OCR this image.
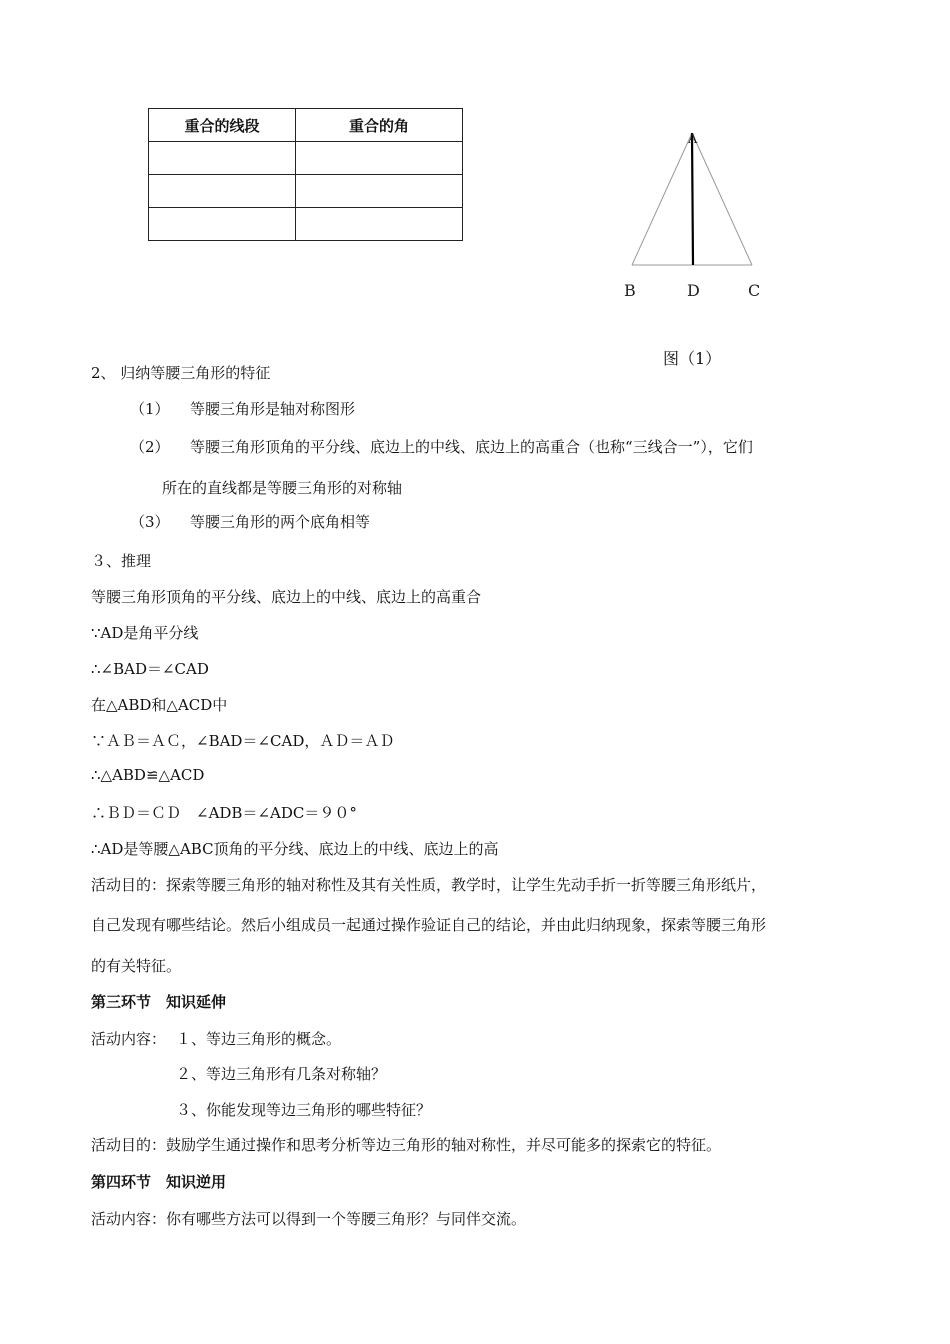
重合的线段	重合的角

A
B	D	C
图（1）
2、 归纳等腰三角形的特征
（1） 等腰三角形是轴对称图形
（2） 等腰三角形顶角的平分线、底边上的中线、底边上的高重合（也称“三线合一”），它们
所在的直线都是等腰三角形的对称轴
（3） 等腰三角形的两个底角相等
３、推理
等腰三角形顶角的平分线、底边上的中线、底边上的高重合
∵AD是角平分线
∴∠BAD＝∠CAD
在△ABD和△ACD中
∵ＡＢ＝ＡＣ，∠BAD＝∠CAD，ＡＤ＝ＡＤ
∴△ABD≌△ACD
∴ＢＤ＝ＣＤ　∠ADB＝∠ADC＝９０°
∴AD是等腰△ABC顶角的平分线、底边上的中线、底边上的高
活动目的：探索等腰三角形的轴对称性及其有关性质，教学时，让学生先动手折一折等腰三角形纸片，
自己发现有哪些结论。然后小组成员一起通过操作验证自己的结论，并由此归纳现象，探索等腰三角形
的有关特征。
第三环节　知识延伸
活动内容： １、等边三角形的概念。
２、等边三角形有几条对称轴？
３、你能发现等边三角形的哪些特征？
活动目的：鼓励学生通过操作和思考分析等边三角形的轴对称性，并尽可能多的探索它的特征。
第四环节　知识逆用
活动内容：你有哪些方法可以得到一个等腰三角形？与同伴交流。
